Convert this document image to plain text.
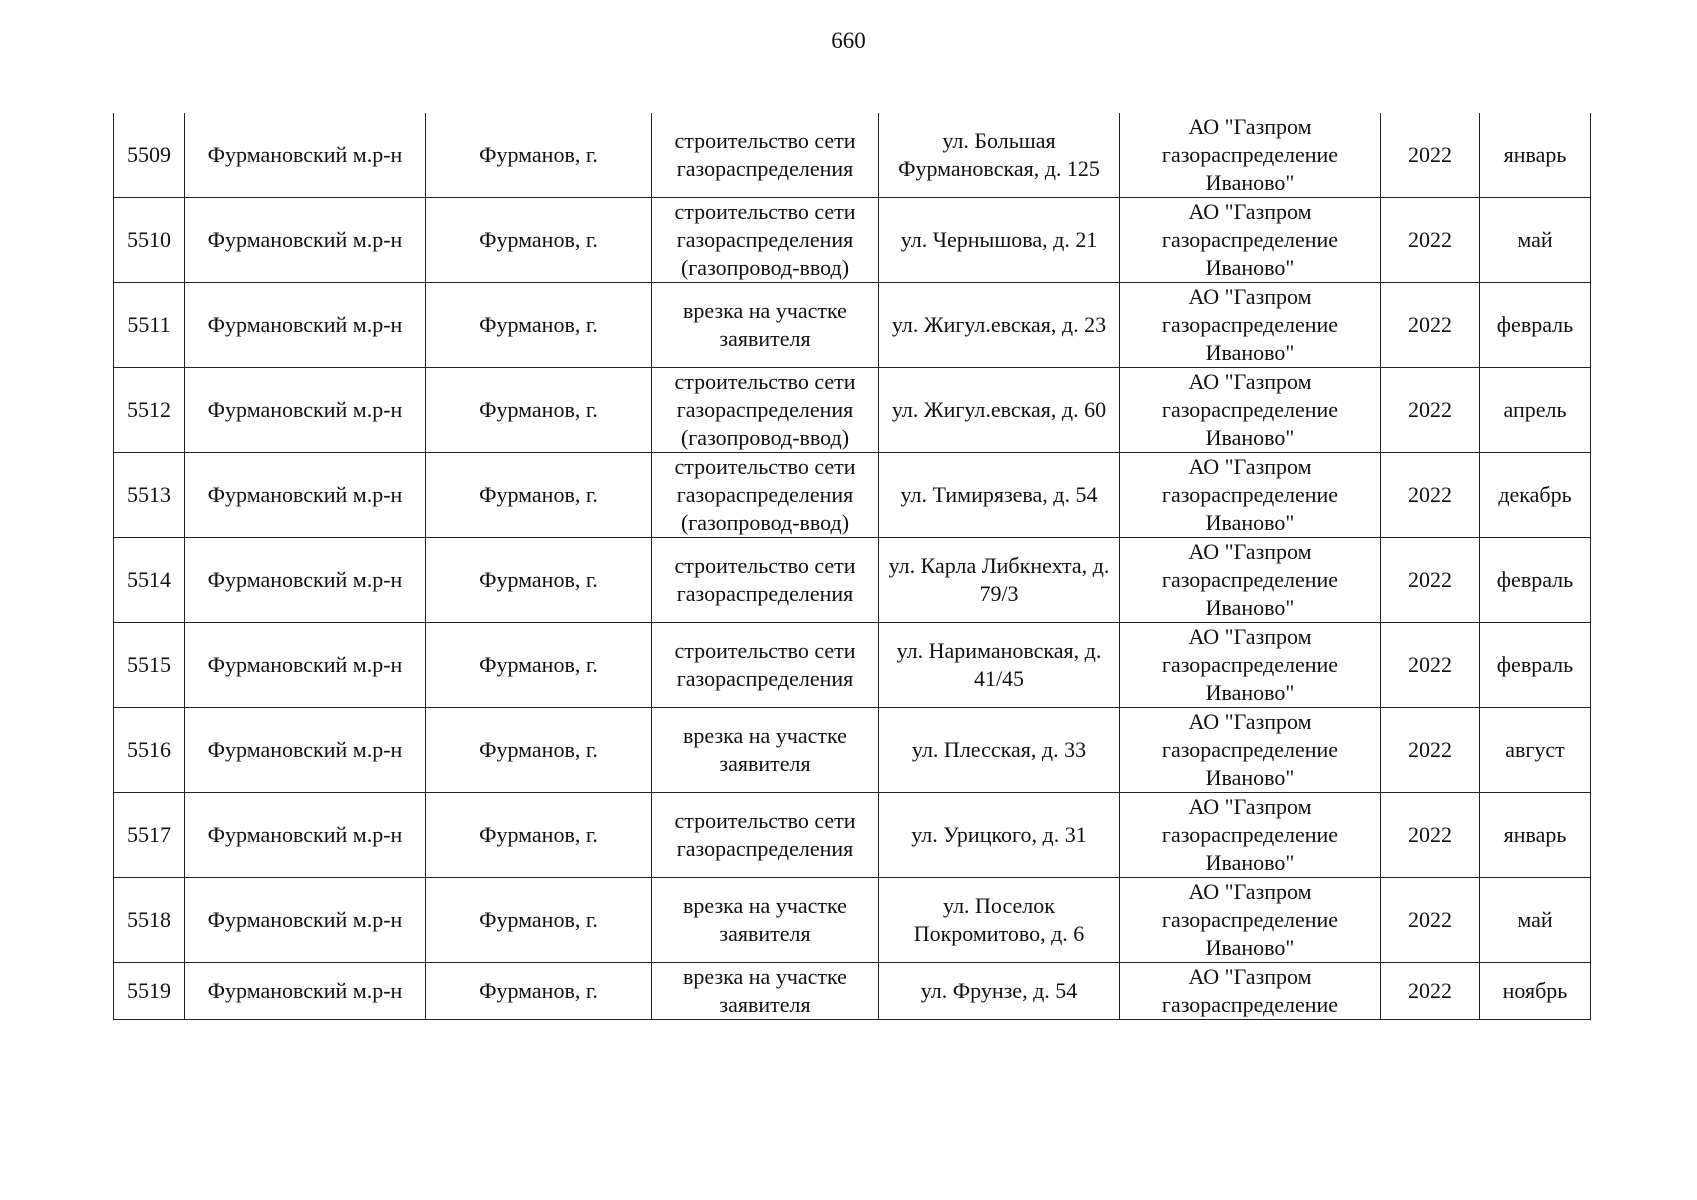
660
5509	Фурмановский м.р-н	Фурманов, г.	строительство сети газораспределения	ул. Большая Фурмановская, д. 125	АО "Газпром газораспределение Иваново"	2022	январь

5510	Фурмановский м.р-н	Фурманов, г.	строительство сети газораспределения (газопровод-ввод)	ул. Чернышова, д. 21	АО "Газпром газораспределение Иваново"	2022	май

5511	Фурмановский м.р-н	Фурманов, г.	врезка на участке заявителя	ул. Жигул.евская, д. 23	АО "Газпром газораспределение Иваново"	2022	февраль

5512	Фурмановский м.р-н	Фурманов, г.	строительство сети газораспределения (газопровод-ввод)	ул. Жигул.евская, д. 60	АО "Газпром газораспределение Иваново"	2022	апрель

5513	Фурмановский м.р-н	Фурманов, г.	строительство сети газораспределения (газопровод-ввод)	ул. Тимирязева, д. 54	АО "Газпром газораспределение Иваново"	2022	декабрь

5514	Фурмановский м.р-н	Фурманов, г.	строительство сети газораспределения	ул. Карла Либкнехта, д. 79/3	АО "Газпром газораспределение Иваново"	2022	февраль

5515	Фурмановский м.р-н	Фурманов, г.	строительство сети газораспределения	ул. Наримановская, д. 41/45	АО "Газпром газораспределение Иваново"	2022	февраль

5516	Фурмановский м.р-н	Фурманов, г.	врезка на участке заявителя	ул. Плесская, д. 33	АО "Газпром газораспределение Иваново"	2022	август

5517	Фурмановский м.р-н	Фурманов, г.	строительство сети газораспределения	ул. Урицкого, д. 31	АО "Газпром газораспределение Иваново"	2022	январь

5518	Фурмановский м.р-н	Фурманов, г.	врезка на участке заявителя	ул. Поселок Покромитово, д. 6	АО "Газпром газораспределение Иваново"	2022	май

5519	Фурмановский м.р-н	Фурманов, г.	врезка на участке заявителя	ул. Фрунзе, д. 54	АО "Газпром газораспределение	2022	ноябрь
